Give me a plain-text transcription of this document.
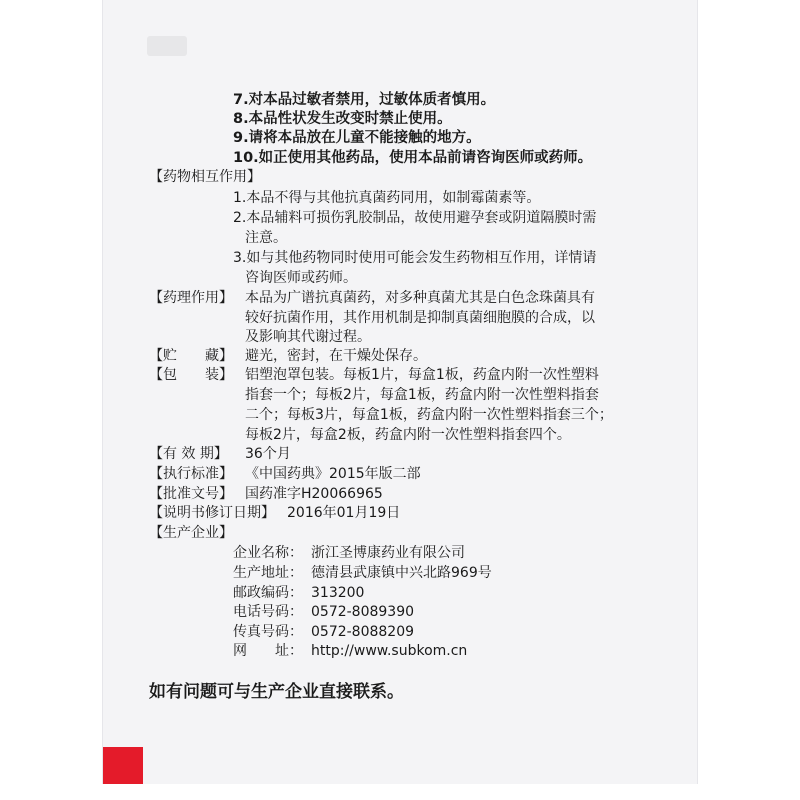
7.对本品过敏者禁用，过敏体质者慎用。
8.本品性状发生改变时禁止使用。
9.请将本品放在儿童不能接触的地方。
10.如正使用其他药品，使用本品前请咨询医师或药师。
【药物相互作用】
1.本品不得与其他抗真菌药同用，如制霉菌素等。
2.本品辅料可损伤乳胶制品，故使用避孕套或阴道隔膜时需
注意。
3.如与其他药物同时使用可能会发生药物相互作用，详情请
咨询医师或药师。
【药理作用】 本品为广谱抗真菌药，对多种真菌尤其是白色念珠菌具有
较好抗菌作用，其作用机制是抑制真菌细胞膜的合成，以
及影响其代谢过程。
【贮　　藏】 避光，密封，在干燥处保存。
【包　　装】 铝塑泡罩包装。每板1片，每盒1板，药盒内附一次性塑料
指套一个；每板2片，每盒1板，药盒内附一次性塑料指套
二个；每板3片，每盒1板，药盒内附一次性塑料指套三个；
每板2片，每盒2板，药盒内附一次性塑料指套四个。
【有 效 期】 36个月
【执行标准】 《中国药典》2015年版二部
【批准文号】 国药准字H20066965
【说明书修订日期】 2016年01月19日
【生产企业】
企业名称： 浙江圣博康药业有限公司
生产地址： 德清县武康镇中兴北路969号
邮政编码： 313200
电话号码： 0572-8089390
传真号码： 0572-8088209
网　　址： http://www.subkom.cn
如有问题可与生产企业直接联系。
